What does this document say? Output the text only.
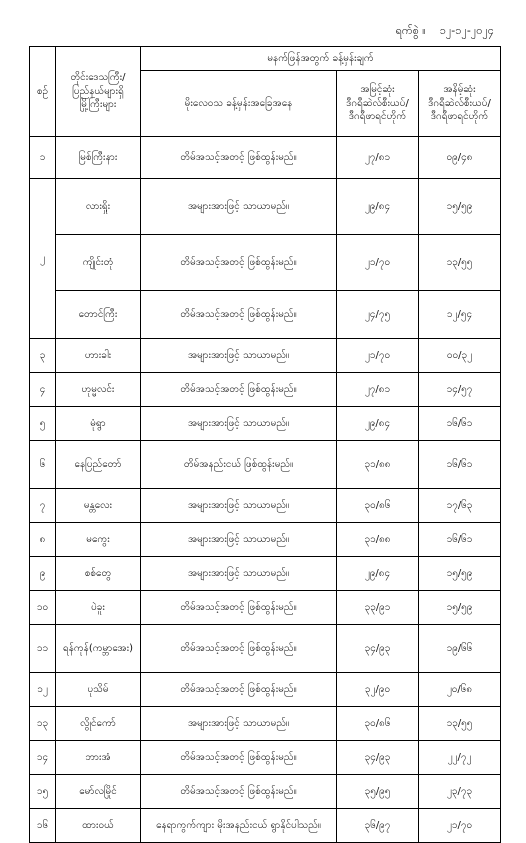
ရက်စွဲ ။ ၁၂-၁၂-၂၀၂၄
စဉ်	တိုင်းဒေသကြီး/
ပြည်နယ်များရှိ
မြို့ကြီးများ	မနက်ဖြန်အတွက် ခန့်မှန်းချက်		
		မိုးလေဝသ ခန့်မှန်းအခြေအနေ	အမြင့်ဆုံး
ဒီဂရီဆဲလ်စီးယပ်/
ဒီဂရီဖာရင်ဟိုက်	အနိမ့်ဆုံး
ဒီဂရီဆဲလ်စီးယပ်/
ဒီဂရီဖာရင်ဟိုက်

၁	မြစ်ကြီးနား	တိမ်အသင့်အတင့် ဖြစ်ထွန်းမည်။	၂၇/၈၁	၀၉/၄၈
၂	လားရှိုး	အများအားဖြင့် သာယာမည်။	၂၉/၈၄	၁၅/၅၉
	ကျိုင်းတုံ	တိမ်အသင့်အတင့် ဖြစ်ထွန်းမည်။	၂၁/၇၀	၁၃/၅၅
	တောင်ကြီး	တိမ်အသင့်အတင့် ဖြစ်ထွန်းမည်။	၂၄/၇၅	၁၂/၅၄
၃	ဟားခါး	အများအားဖြင့် သာယာမည်။	၂၁/၇၀	၀၀/၃၂
၄	ဟုမ္မလင်း	တိမ်အသင့်အတင့် ဖြစ်ထွန်းမည်။	၂၇/၈၁	၁၄/၅၇
၅	မုံရွာ	အများအားဖြင့် သာယာမည်။	၂၉/၈၄	၁၆/၆၁
၆	နေပြည်တော်	တိမ်အနည်းငယ် ဖြစ်ထွန်းမည်။	၃၁/၈၈	၁၆/၆၁
၇	မန္တလေး	အများအားဖြင့် သာယာမည်။	၃၀/၈၆	၁၇/၆၃
၈	မကွေး	အများအားဖြင့် သာယာမည်။	၃၁/၈၈	၁၆/၆၁
၉	စစ်တွေ	အများအားဖြင့် သာယာမည်။	၂၉/၈၄	၁၅/၅၉
၁၀	ပဲခူး	တိမ်အသင့်အတင့် ဖြစ်ထွန်းမည်။	၃၃/၉၁	၁၅/၅၉
၁၁	ရန်ကုန်(ကမ္ဘာအေး)	တိမ်အသင့်အတင့် ဖြစ်ထွန်းမည်။	၃၄/၉၃	၁၉/၆၆
၁၂	ပုသိမ်	တိမ်အသင့်အတင့် ဖြစ်ထွန်းမည်။	၃၂/၉၀	၂၀/၆၈
၁၃	လွိုင်ကော်	အများအားဖြင့် သာယာမည်။	၃၀/၈၆	၁၃/၅၅
၁၄	ဘားအံ	တိမ်အသင့်အတင့် ဖြစ်ထွန်းမည်။	၃၄/၉၃	၂၂/၇၂
၁၅	မော်လမြိုင်	တိမ်အသင့်အတင့် ဖြစ်ထွန်းမည်။	၃၅/၉၅	၂၃/၇၃
၁၆	ထားဝယ်	နေရာကွက်ကျား မိုးအနည်းငယ် ရွာနိုင်ပါသည်။	၃၆/၉၇	၂၁/၇၀
